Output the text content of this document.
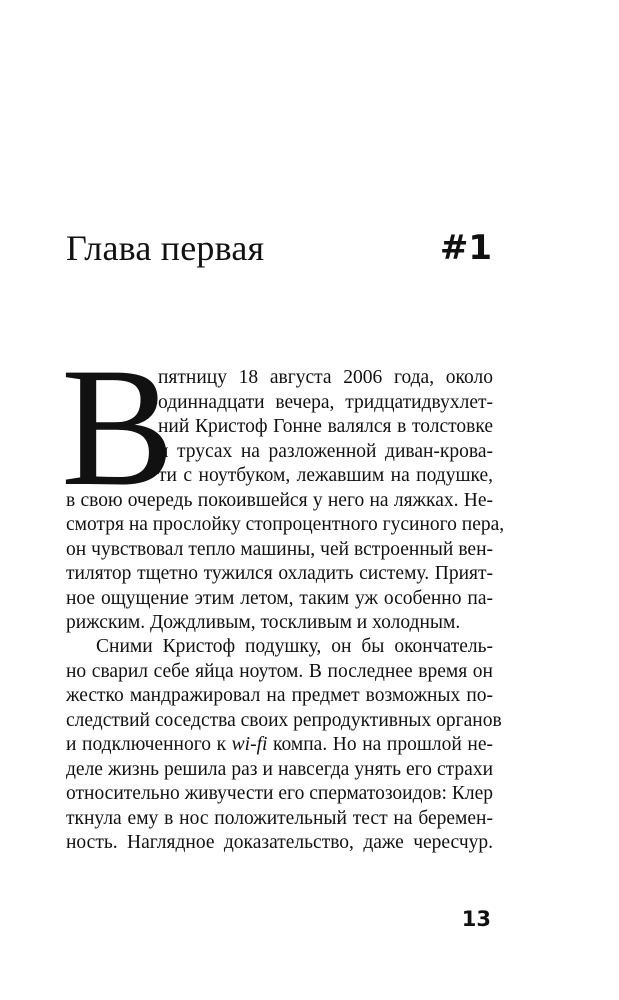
Глава первая	#1
В
пятницу 18 августа 2006 года, около
одиннадцати вечера, тридцатидвухлет-
ний Кристоф Гонне валялся в толстовке
и трусах на разложенной диван-крова-
ти с ноутбуком, лежавшим на подушке,
в свою очередь покоившейся у него на ляжках. Не-
смотря на прослойку стопроцентного гусиного пера,
он чувствовал тепло машины, чей встроенный вен-
тилятор тщетно тужился охладить систему. Прият-
ное ощущение этим летом, таким уж особенно па-
рижским. Дождливым, тоскливым и холодным.
Сними Кристоф подушку, он бы окончатель-
но сварил себе яйца ноутом. В последнее время он
жестко мандражировал на предмет возможных по-
следствий соседства своих репродуктивных органов
и подключенного к wi-fi компа. Но на прошлой не-
деле жизнь решила раз и навсегда унять его страхи
относительно живучести его сперматозоидов: Клер
ткнула ему в нос положительный тест на беремен-
ность. Наглядное доказательство, даже чересчур.
13
